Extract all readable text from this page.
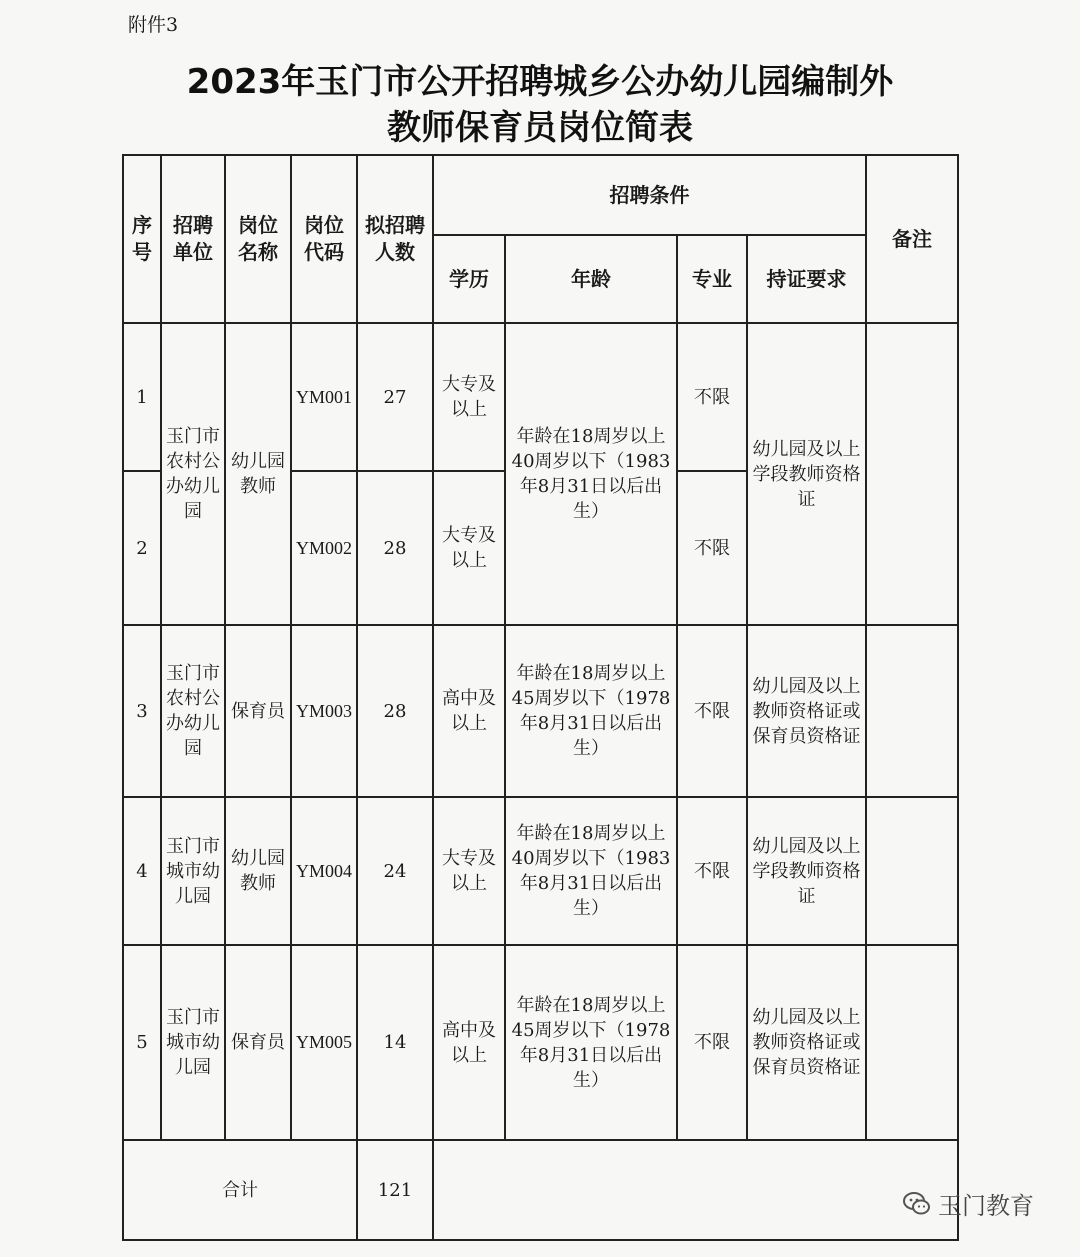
附件3
2023年玉门市公开招聘城乡公办幼儿园编制外
教师保育员岗位简表
序号	招聘单位	岗位名称	岗位代码	拟招聘人数	招聘条件				备注
					学历	年龄	专业	持证要求	
1	玉门市农村公办幼儿园	幼儿园教师	YM001	27	大专及以上	年龄在18周岁以上40周岁以下（1983年8月31日以后出生）	不限	幼儿园及以上学段教师资格证	
2			YM002	28	大专及以上		不限		
3	玉门市农村公办幼儿园	保育员	YM003	28	高中及以上	年龄在18周岁以上45周岁以下（1978年8月31日以后出生）	不限	幼儿园及以上教师资格证或保育员资格证	
4	玉门市城市幼儿园	幼儿园教师	YM004	24	大专及以上	年龄在18周岁以上40周岁以下（1983年8月31日以后出生）	不限	幼儿园及以上学段教师资格证	
5	玉门市城市幼儿园	保育员	YM005	14	高中及以上	年龄在18周岁以上45周岁以下（1978年8月31日以后出生）	不限	幼儿园及以上教师资格证或保育员资格证	
合计				121					
玉门教育
